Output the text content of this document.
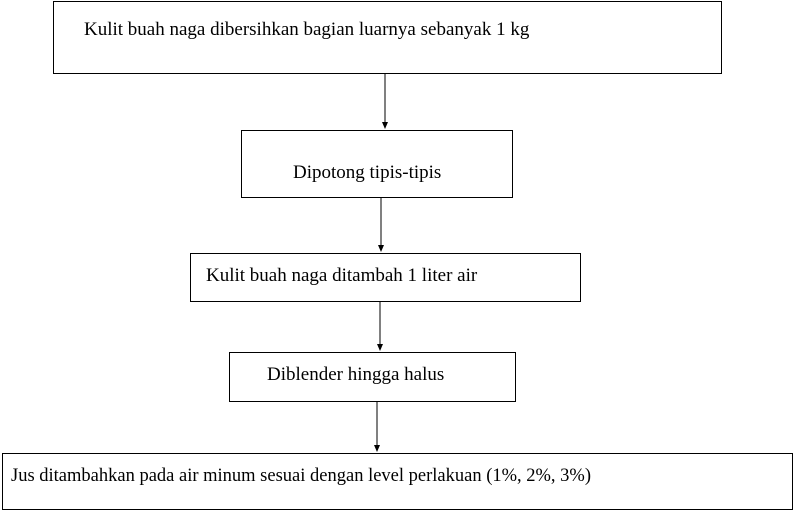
Kulit buah naga dibersihkan bagian luarnya sebanyak 1 kg
Dipotong tipis-tipis
Kulit buah naga ditambah 1 liter air
Diblender hingga halus
Jus ditambahkan pada air minum sesuai dengan level perlakuan (1%, 2%, 3%)
